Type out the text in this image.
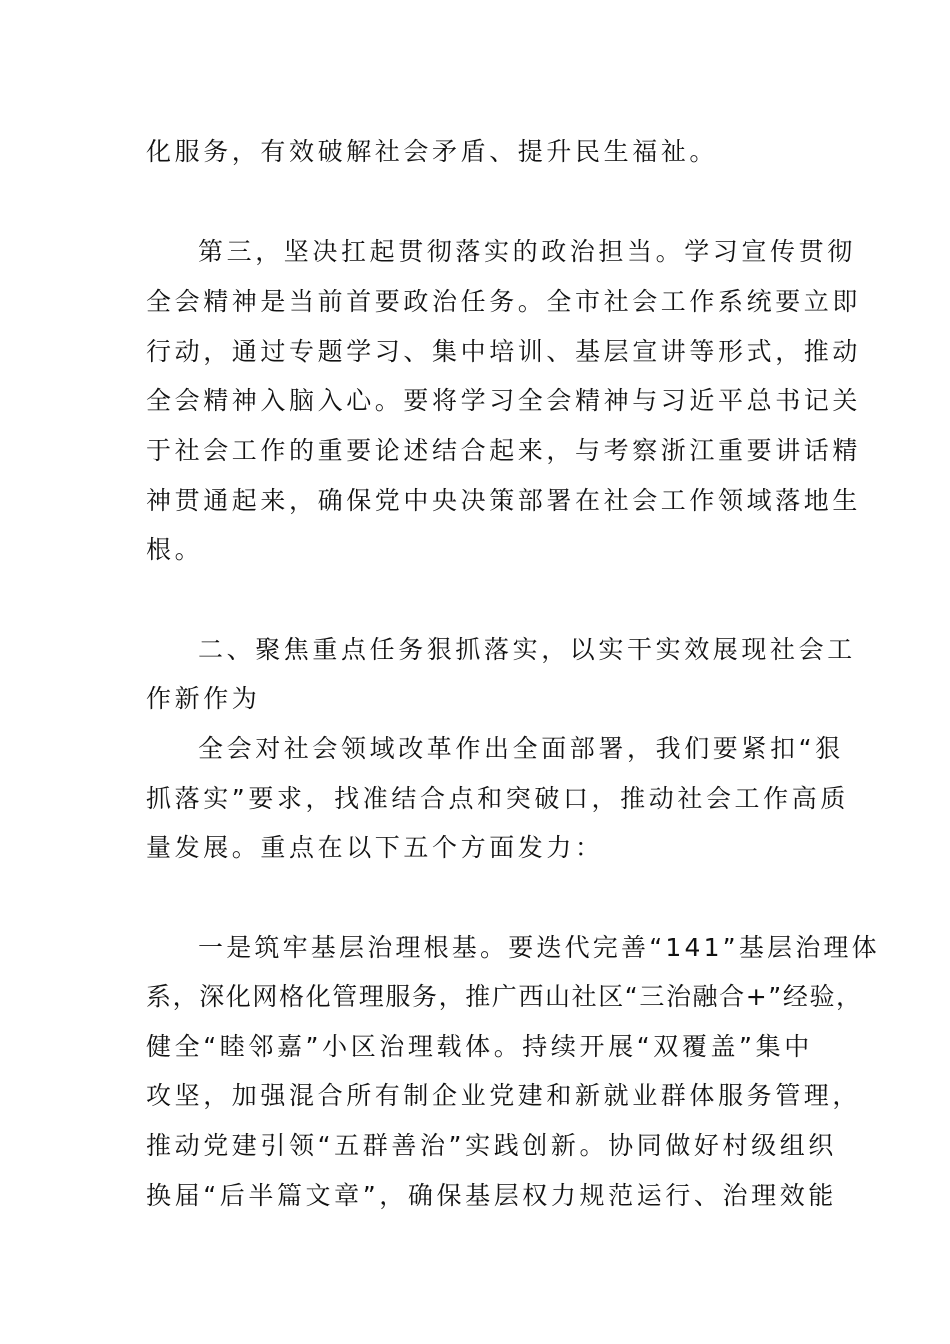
化服务，有效破解社会矛盾、提升民生福祉。
第三，坚决扛起贯彻落实的政治担当。学习宣传贯彻
全会精神是当前首要政治任务。全市社会工作系统要立即
行动，通过专题学习、集中培训、基层宣讲等形式，推动
全会精神入脑入心。要将学习全会精神与习近平总书记关
于社会工作的重要论述结合起来，与考察浙江重要讲话精
神贯通起来，确保党中央决策部署在社会工作领域落地生
根。
二、聚焦重点任务狠抓落实，以实干实效展现社会工
作新作为
全会对社会领域改革作出全面部署，我们要紧扣“狠
抓落实”要求，找准结合点和突破口，推动社会工作高质
量发展。重点在以下五个方面发力：
一是筑牢基层治理根基。要迭代完善“141”基层治理体
系，深化网格化管理服务，推广西山社区“三治融合+”经验，
健全“睦邻嘉”小区治理载体。持续开展“双覆盖”集中
攻坚，加强混合所有制企业党建和新就业群体服务管理，
推动党建引领“五群善治”实践创新。协同做好村级组织
换届“后半篇文章”，确保基层权力规范运行、治理效能
